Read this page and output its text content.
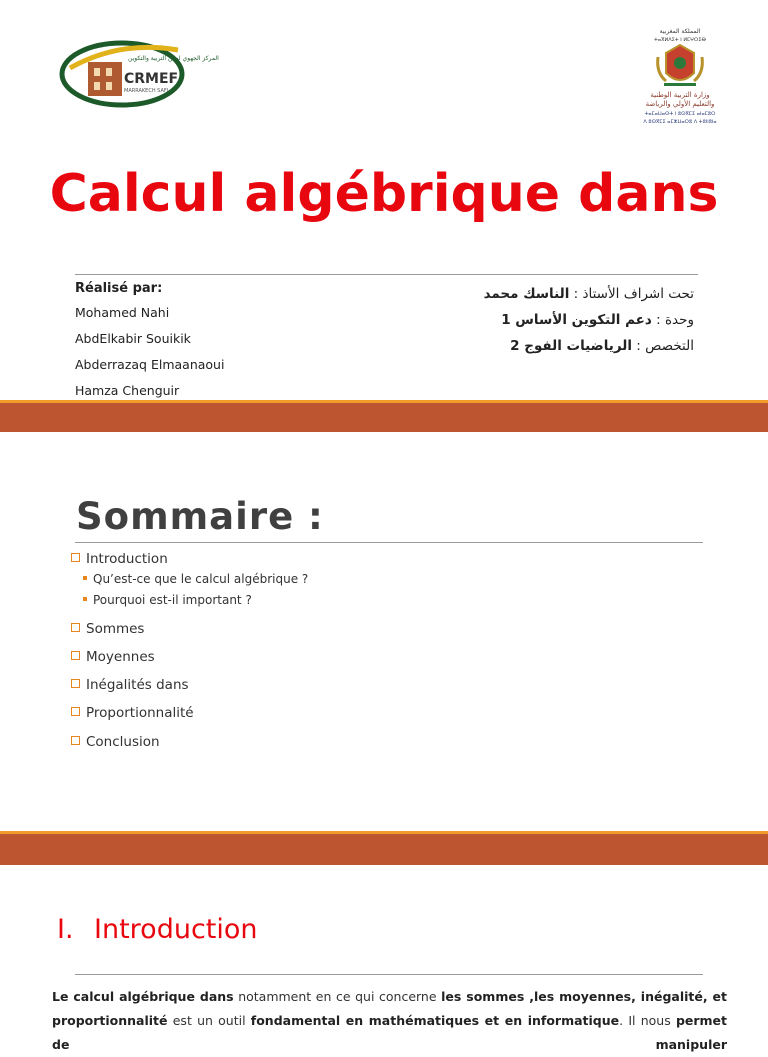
CRMEF
MARRAKECH SAFI
المركز الجهوي لمهن التربية والتكوين
المملكة المغربية
ⵜⴰⴳⵍⴷⵉⵜ ⵏ ⵍⵎⵖⵔⵉⴱ
وزارة التربية الوطنية
والتعليم الأولي والرياضة
ⵜⴰⵎⴰⵡⴰⵙⵜ ⵏ ⵓⵙⴳⵎⵉ ⴰⵏⴰⵎⵓⵔ
ⴷ ⵓⵙⴳⵎⵉ ⴰⵎⵣⵡⴰⵔⵓ ⴷ ⵜⵓⵏⵏⵓⵏⴰ
Calcul algébrique dans
Réalisé par:
Mohamed Nahi
AbdElkabir Souikik
Abderrazaq Elmaanaoui
Hamza Chenguir
تحت اشراف الأستاذ : الناسك محمد
وحدة : دعم التكوين الأساس 1
التخصص : الرياضيات الفوج 2
Sommaire :
Introduction
Qu’est-ce que le calcul algébrique ?
Pourquoi est-il important ?
Sommes
Moyennes
Inégalités dans
Proportionnalité
Conclusion
I. Introduction
Le calcul algébrique dans notamment en ce qui concerne les sommes ,les moyennes, inégalité, et proportionnalité est un outil fondamental en mathématiques et en informatique. Il nous permet de manipuler
